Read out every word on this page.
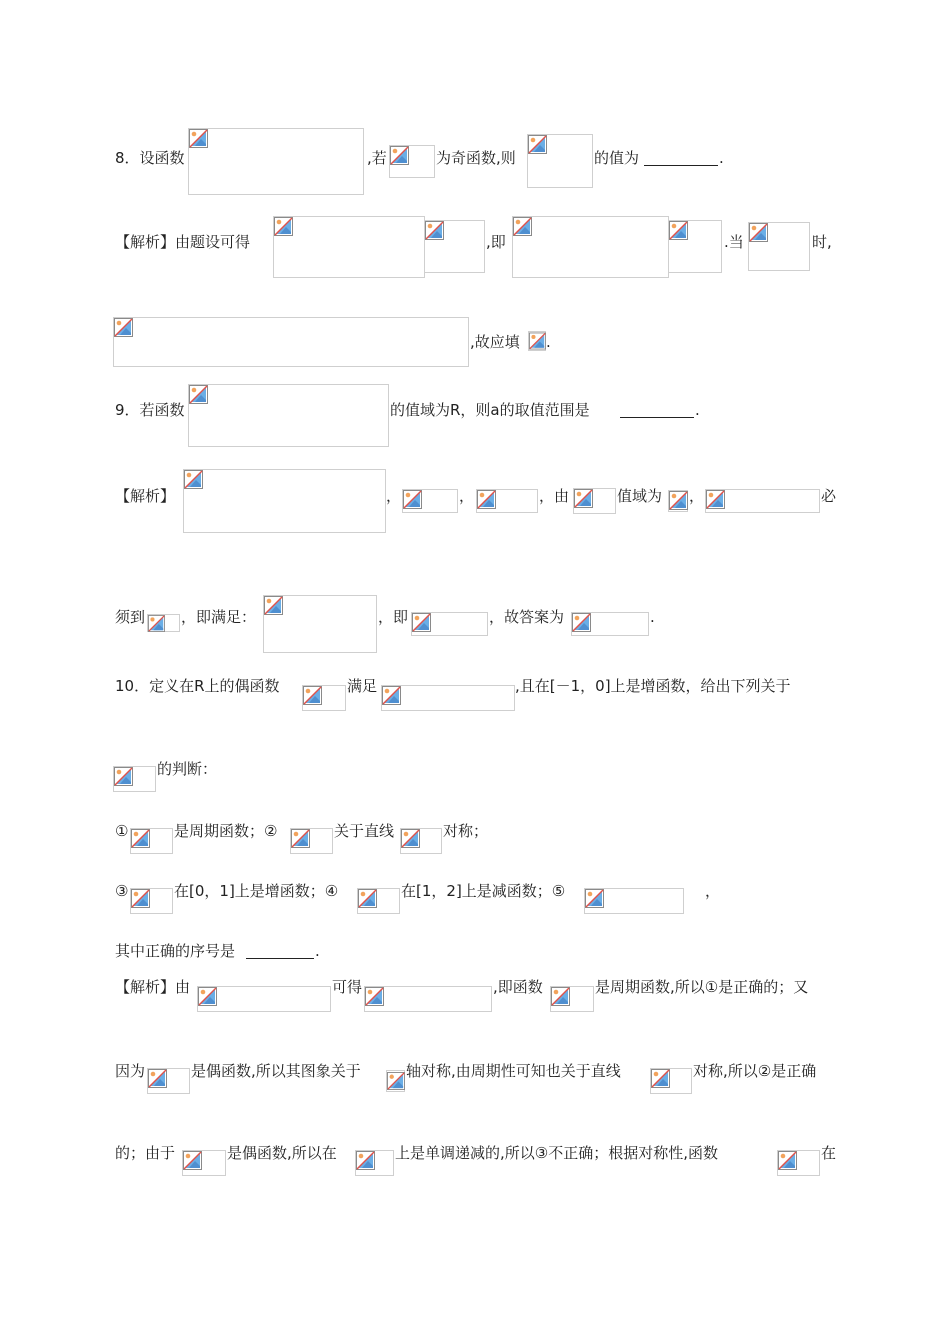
8．设函数	,若	为奇函数,则	的值为	.
【解析】由题设可得	,即	.当	时,
,故应填 .
9．若函数	的值域为R，则a的取值范围是	.
【解析】	，	，	，由	值域为 ，	必
须到 ，即满足：	，即	，故答案为	.
10．定义在R上的偶函数	满足	,且在[－1，0]上是增函数，给出下列关于
的判断：
①	是周期函数；②	关于直线	对称；
③	在[0，1]上是增函数；④	在[1，2]上是减函数；⑤	，
其中正确的序号是	.
【解析】由	可得	,即函数	是周期函数,所以①是正确的；又
因为	是偶函数,所以其图象关于	轴对称,由周期性可知也关于直线	对称,所以②是正确
的；由于	是偶函数,所以在	上是单调递减的,所以③不正确；根据对称性,函数	在
